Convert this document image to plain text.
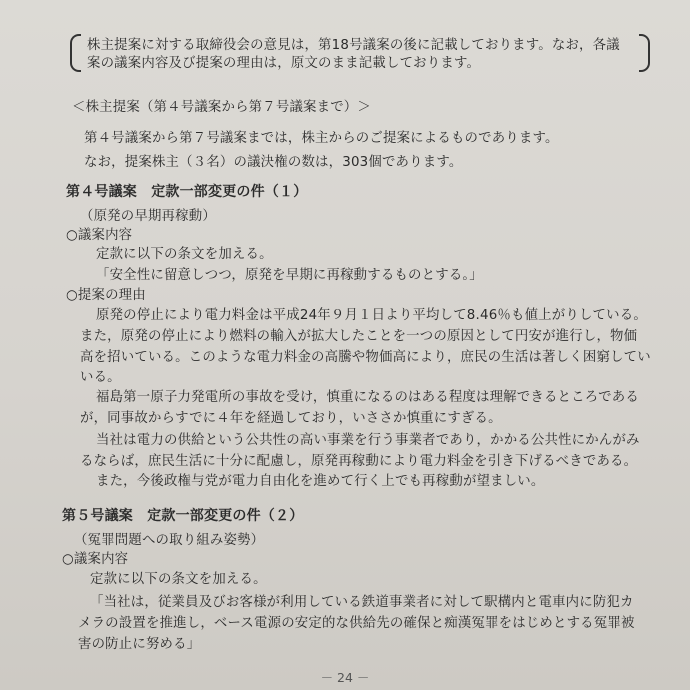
株主提案に対する取締役会の意見は，第18号議案の後に記載しております。なお，各議
案の議案内容及び提案の理由は，原文のまま記載しております。
＜株主提案（第４号議案から第７号議案まで）＞
第４号議案から第７号議案までは，株主からのご提案によるものであります。
なお，提案株主（３名）の議決権の数は，303個であります。
第４号議案　定款一部変更の件（１）
（原発の早期再稼動）
○議案内容
定款に以下の条文を加える。
「安全性に留意しつつ，原発を早期に再稼動するものとする。」
○提案の理由
原発の停止により電力料金は平成24年９月１日より平均して8.46％も値上がりしている。
また，原発の停止により燃料の輸入が拡大したことを一つの原因として円安が進行し，物価
高を招いている。このような電力料金の高騰や物価高により，庶民の生活は著しく困窮してい
いる。
福島第一原子力発電所の事故を受け，慎重になるのはある程度は理解できるところである
が，同事故からすでに４年を経過しており，いささか慎重にすぎる。
当社は電力の供給という公共性の高い事業を行う事業者であり，かかる公共性にかんがみ
るならば，庶民生活に十分に配慮し，原発再稼動により電力料金を引き下げるべきである。
また，今後政権与党が電力自由化を進めて行く上でも再稼動が望ましい。
第５号議案　定款一部変更の件（２）
（冤罪問題への取り組み姿勢）
○議案内容
定款に以下の条文を加える。
「当社は，従業員及びお客様が利用している鉄道事業者に対して駅構内と電車内に防犯カ
メラの設置を推進し，ベース電源の安定的な供給先の確保と痴漢冤罪をはじめとする冤罪被
害の防止に努める」
－ 24 －
